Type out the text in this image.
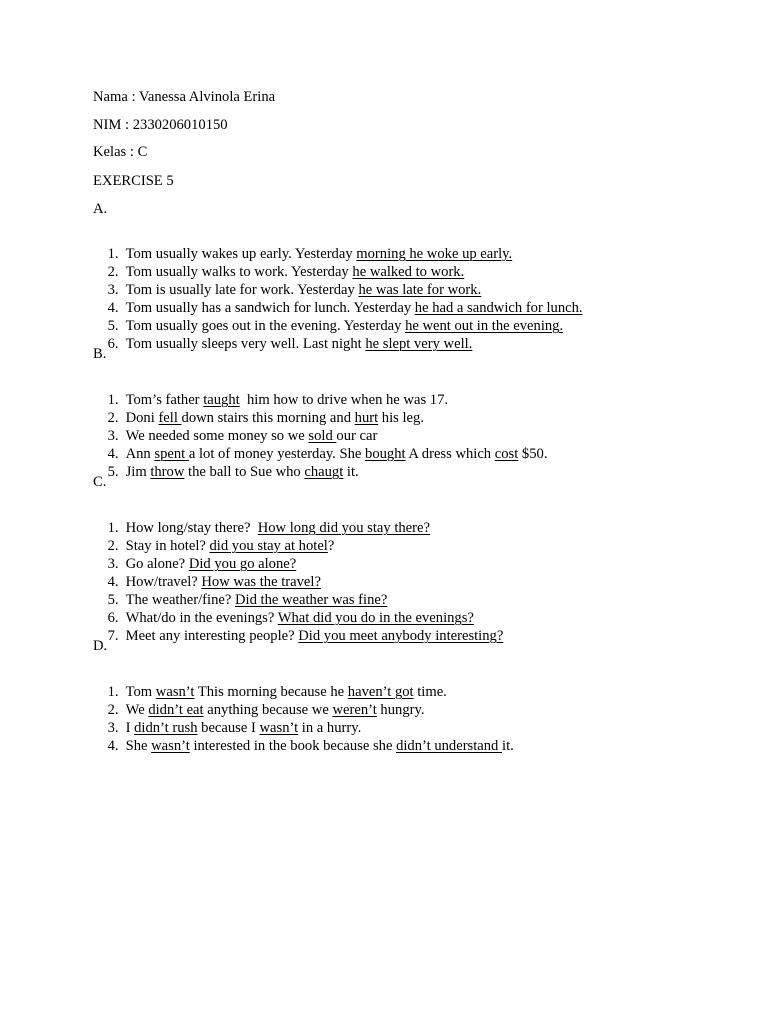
Nama : Vanessa Alvinola Erina
NIM : 2330206010150
Kelas : C
EXERCISE 5
A.

1. Tom usually wakes up early. Yesterday morning he woke up early.

2. Tom usually walks to work. Yesterday he walked to work.

3. Tom is usually late for work. Yesterday he was late for work.

4. Tom usually has a sandwich for lunch. Yesterday he had a sandwich for lunch.

5. Tom usually goes out in the evening. Yesterday he went out in the evening.

6. Tom usually sleeps very well. Last night he slept very well.

B.

1. Tom’s father taught  him how to drive when he was 17.

2. Doni fell down stairs this morning and hurt his leg.

3. We needed some money so we sold our car

4. Ann spent a lot of money yesterday. She bought A dress which cost $50.

5. Jim throw the ball to Sue who chaugt it.

C.

1. How long/stay there?  How long did you stay there?

2. Stay in hotel? did you stay at hotel?

3. Go alone? Did you go alone?

4. How/travel? How was the travel?

5. The weather/fine? Did the weather was fine?

6. What/do in the evenings? What did you do in the evenings?

7. Meet any interesting people? Did you meet anybody interesting?

D.

1. Tom wasn’t This morning because he haven’t got time.

2. We didn’t eat anything because we weren’t hungry.

3. I didn’t rush because I wasn’t in a hurry.

4. She wasn’t interested in the book because she didn’t understand it.
